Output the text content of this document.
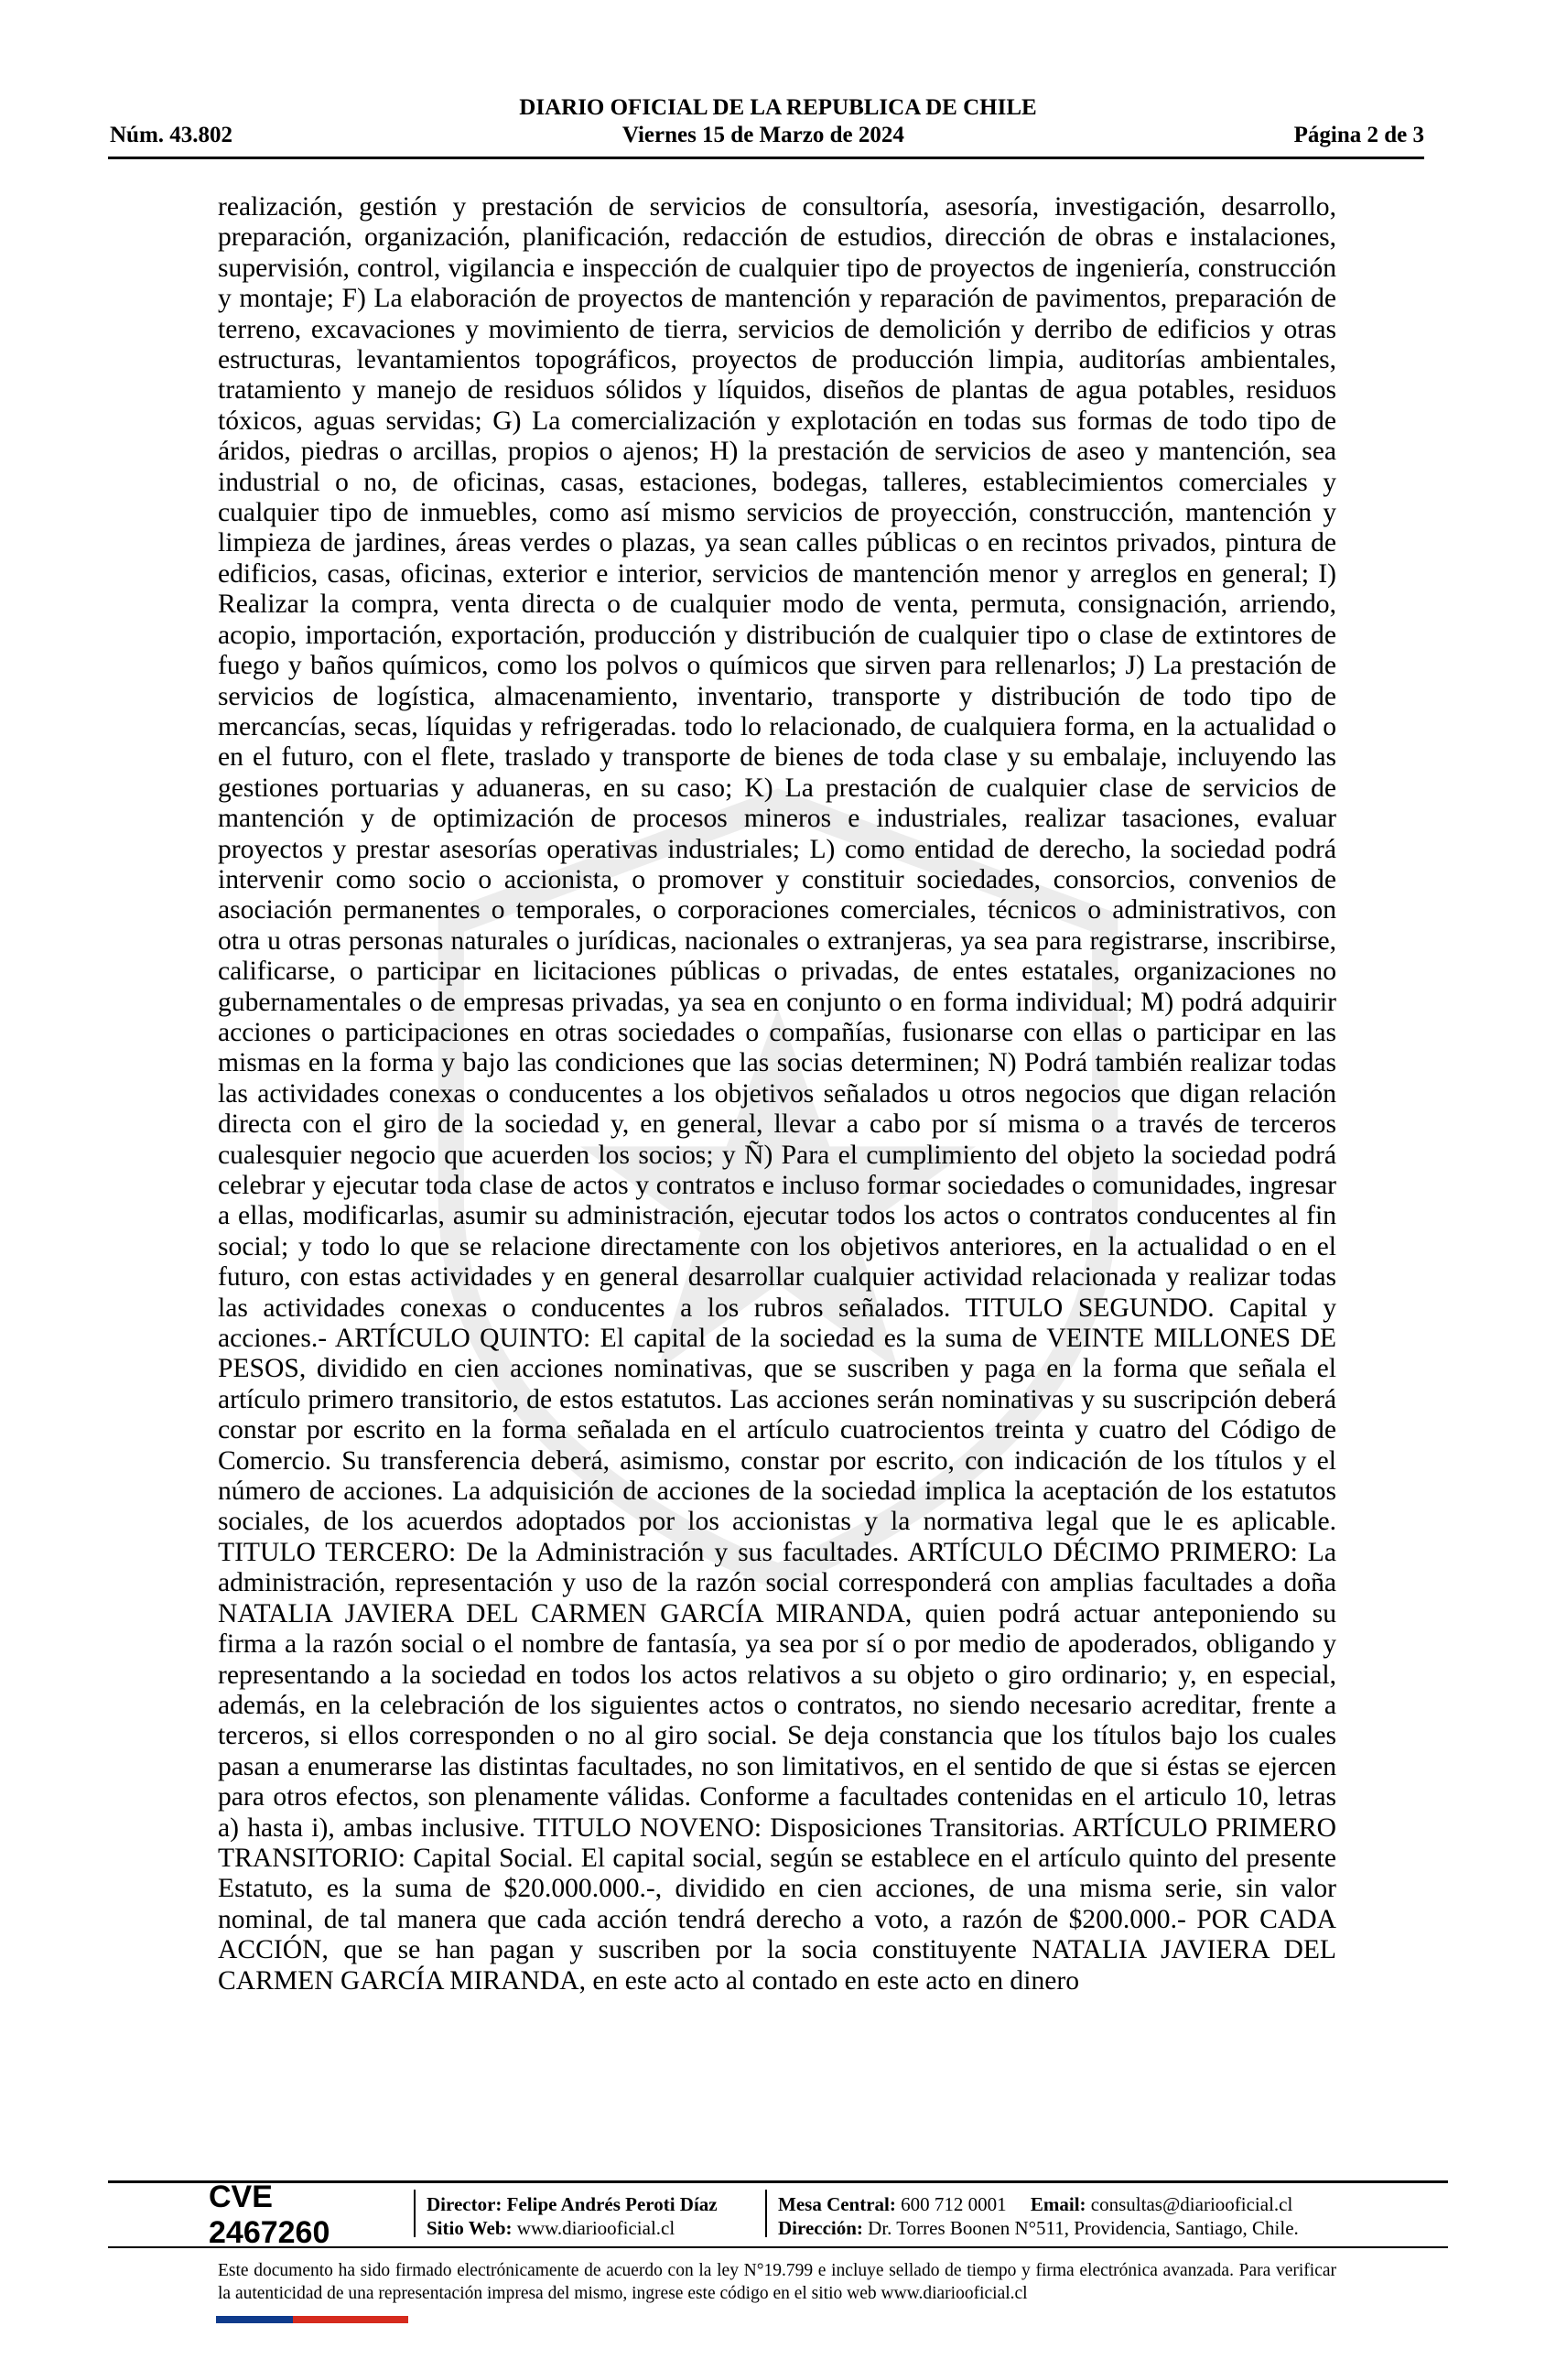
DIARIO OFICIAL DE LA REPUBLICA DE CHILE
Núm. 43.802	Viernes 15 de Marzo de 2024	Página 2 de 3
realización, gestión y prestación de servicios de consultoría, asesoría, investigación, desarrollo, preparación, organización, planificación, redacción de estudios, dirección de obras e instalaciones, supervisión, control, vigilancia e inspección de cualquier tipo de proyectos de ingeniería, construcción y montaje; F) La elaboración de proyectos de mantención y reparación de pavimentos, preparación de terreno, excavaciones y movimiento de tierra, servicios de demolición y derribo de edificios y otras estructuras, levantamientos topográficos, proyectos de producción limpia, auditorías ambientales, tratamiento y manejo de residuos sólidos y líquidos, diseños de plantas de agua potables, residuos tóxicos, aguas servidas; G) La comercialización y explotación en todas sus formas de todo tipo de áridos, piedras o arcillas, propios o ajenos; H) la prestación de servicios de aseo y mantención, sea industrial o no, de oficinas, casas, estaciones, bodegas, talleres, establecimientos comerciales y cualquier tipo de inmuebles, como así mismo servicios de proyección, construcción, mantención y limpieza de jardines, áreas verdes o plazas, ya sean calles públicas o en recintos privados, pintura de edificios, casas, oficinas, exterior e interior, servicios de mantención menor y arreglos en general; I) Realizar la compra, venta directa o de cualquier modo de venta, permuta, consignación, arriendo, acopio, importación, exportación, producción y distribución de cualquier tipo o clase de extintores de fuego y baños químicos, como los polvos o químicos que sirven para rellenarlos; J) La prestación de servicios de logística, almacenamiento, inventario, transporte y distribución de todo tipo de mercancías, secas, líquidas y refrigeradas. todo lo relacionado, de cualquiera forma, en la actualidad o en el futuro, con el flete, traslado y transporte de bienes de toda clase y su embalaje, incluyendo las gestiones portuarias y aduaneras, en su caso; K) La prestación de cualquier clase de servicios de mantención y de optimización de procesos mineros e industriales, realizar tasaciones, evaluar proyectos y prestar asesorías operativas industriales; L) como entidad de derecho, la sociedad podrá intervenir como socio o accionista, o promover y constituir sociedades, consorcios, convenios de asociación permanentes o temporales, o corporaciones comerciales, técnicos o administrativos, con otra u otras personas naturales o jurídicas, nacionales o extranjeras, ya sea para registrarse, inscribirse, calificarse, o participar en licitaciones públicas o privadas, de entes estatales, organizaciones no gubernamentales o de empresas privadas, ya sea en conjunto o en forma individual; M) podrá adquirir acciones o participaciones en otras sociedades o compañías, fusionarse con ellas o participar en las mismas en la forma y bajo las condiciones que las socias determinen; N) Podrá también realizar todas las actividades conexas o conducentes a los objetivos señalados u otros negocios que digan relación directa con el giro de la sociedad y, en general, llevar a cabo por sí misma o a través de terceros cualesquier negocio que acuerden los socios; y Ñ) Para el cumplimiento del objeto la sociedad podrá celebrar y ejecutar toda clase de actos y contratos e incluso formar sociedades o comunidades, ingresar a ellas, modificarlas, asumir su administración, ejecutar todos los actos o contratos conducentes al fin social; y todo lo que se relacione directamente con los objetivos anteriores, en la actualidad o en el futuro, con estas actividades y en general desarrollar cualquier actividad relacionada y realizar todas las actividades conexas o conducentes a los rubros señalados. TITULO SEGUNDO. Capital y acciones.- ARTÍCULO QUINTO: El capital de la sociedad es la suma de VEINTE MILLONES DE PESOS, dividido en cien acciones nominativas, que se suscriben y paga en la forma que señala el artículo primero transitorio, de estos estatutos. Las acciones serán nominativas y su suscripción deberá constar por escrito en la forma señalada en el artículo cuatrocientos treinta y cuatro del Código de Comercio. Su transferencia deberá, asimismo, constar por escrito, con indicación de los títulos y el número de acciones. La adquisición de acciones de la sociedad implica la aceptación de los estatutos sociales, de los acuerdos adoptados por los accionistas y la normativa legal que le es aplicable. TITULO TERCERO: De la Administración y sus facultades. ARTÍCULO DÉCIMO PRIMERO: La administración, representación y uso de la razón social corresponderá con amplias facultades a doña NATALIA JAVIERA DEL CARMEN GARCÍA MIRANDA, quien podrá actuar anteponiendo su firma a la razón social o el nombre de fantasía, ya sea por sí o por medio de apoderados, obligando y representando a la sociedad en todos los actos relativos a su objeto o giro ordinario; y, en especial, además, en la celebración de los siguientes actos o contratos, no siendo necesario acreditar, frente a terceros, si ellos corresponden o no al giro social. Se deja constancia que los títulos bajo los cuales pasan a enumerarse las distintas facultades, no son limitativos, en el sentido de que si éstas se ejercen para otros efectos, son plenamente válidas. Conforme a facultades contenidas en el articulo 10, letras a) hasta i), ambas inclusive. TITULO NOVENO: Disposiciones Transitorias. ARTÍCULO PRIMERO TRANSITORIO: Capital Social. El capital social, según se establece en el artículo quinto del presente Estatuto, es la suma de $20.000.000.-, dividido en cien acciones, de una misma serie, sin valor nominal, de tal manera que cada acción tendrá derecho a voto, a razón de $200.000.- POR CADA ACCIÓN, que se han pagan y suscriben por la socia constituyente NATALIA JAVIERA DEL CARMEN GARCÍA MIRANDA, en este acto al contado en este acto en dinero
CVE 2467260
Director: Felipe Andrés Peroti Díaz
Sitio Web: www.diariooficial.cl
Mesa Central: 600 712 0001 Email: consultas@diariooficial.cl
Dirección: Dr. Torres Boonen N°511, Providencia, Santiago, Chile.
Este documento ha sido firmado electrónicamente de acuerdo con la ley N°19.799 e incluye sellado de tiempo y firma electrónica avanzada. Para verificar la autenticidad de una representación impresa del mismo, ingrese este código en el sitio web www.diariooficial.cl
